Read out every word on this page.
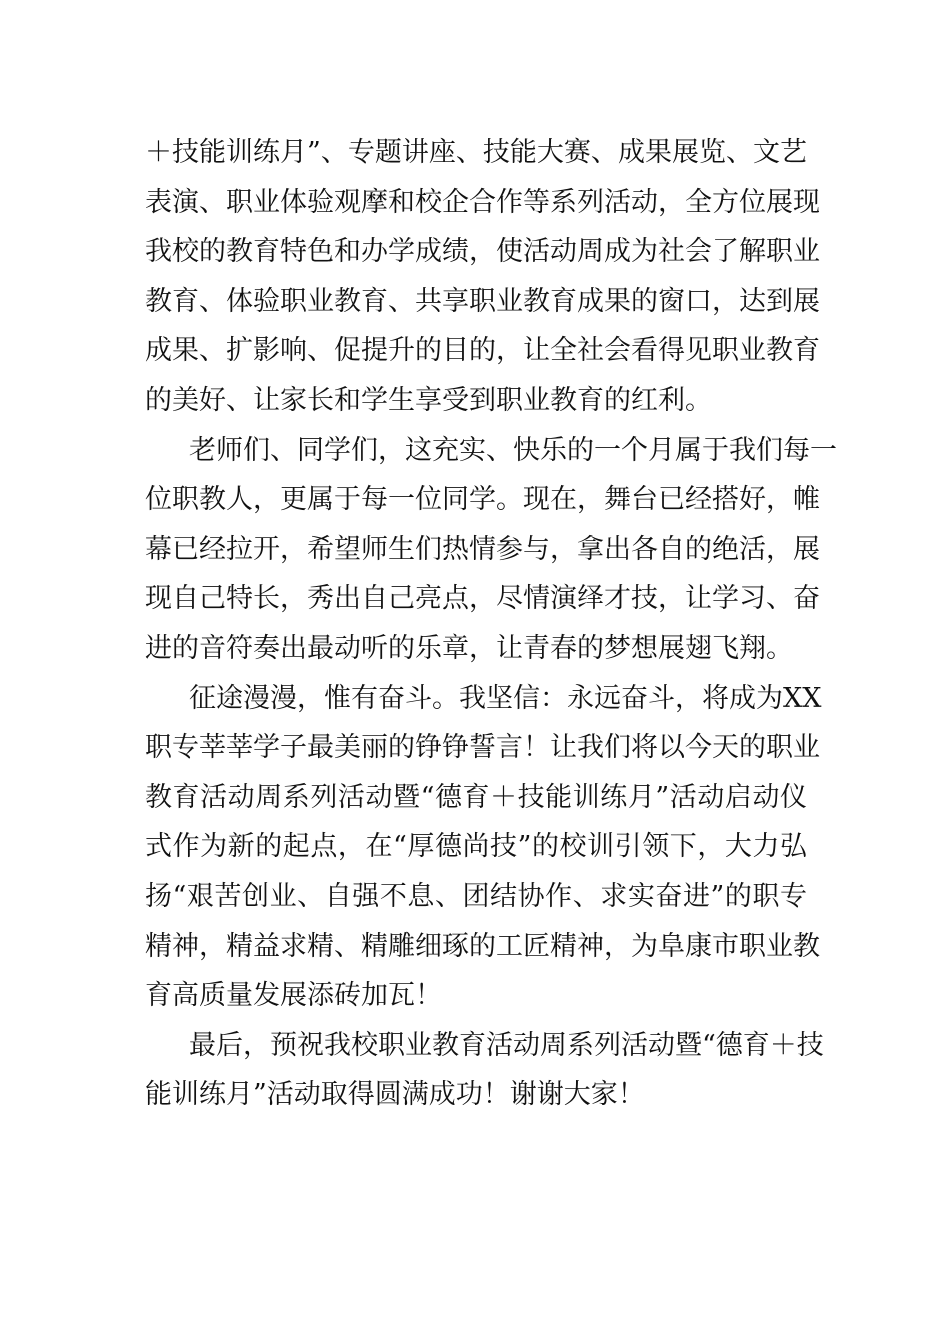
＋技能训练月”、专题讲座、技能大赛、成果展览、文艺
表演、职业体验观摩和校企合作等系列活动，全方位展现
我校的教育特色和办学成绩，使活动周成为社会了解职业
教育、体验职业教育、共享职业教育成果的窗口，达到展
成果、扩影响、促提升的目的，让全社会看得见职业教育
的美好、让家长和学生享受到职业教育的红利。
老师们、同学们，这充实、快乐的一个月属于我们每一
位职教人，更属于每一位同学。现在，舞台已经搭好，帷
幕已经拉开，希望师生们热情参与，拿出各自的绝活，展
现自己特长，秀出自己亮点，尽情演绎才技，让学习、奋
进的音符奏出最动听的乐章，让青春的梦想展翅飞翔。
征途漫漫，惟有奋斗。我坚信：永远奋斗，将成为XX
职专莘莘学子最美丽的铮铮誓言！让我们将以今天的职业
教育活动周系列活动暨“德育＋技能训练月”活动启动仪
式作为新的起点，在“厚德尚技”的校训引领下，大力弘
扬“艰苦创业、自强不息、团结协作、求实奋进”的职专
精神，精益求精、精雕细琢的工匠精神，为阜康市职业教
育高质量发展添砖加瓦！
最后，预祝我校职业教育活动周系列活动暨“德育＋技
能训练月”活动取得圆满成功！谢谢大家！
